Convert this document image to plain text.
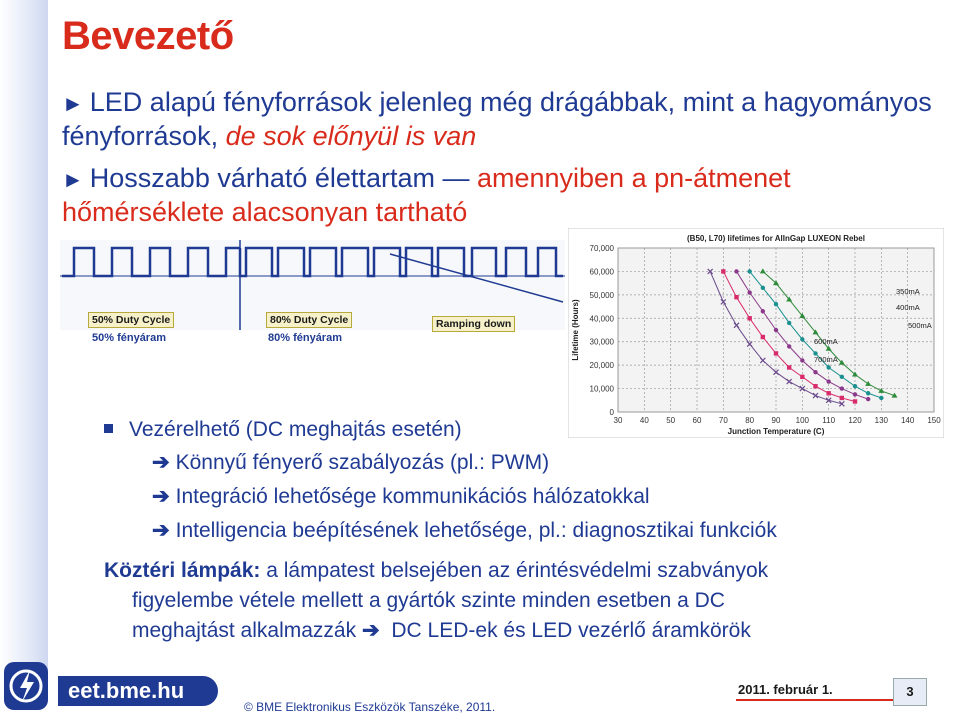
Bevezető
► LED alapú fényforrások jelenleg még drágábbak, mint a hagyományos fényforrások, de sok előnyül is van
► Hosszabb várható élettartam — amennyiben a pn-átmenet hőmérséklete alacsonyan tartható
50% Duty Cycle	80% Duty Cycle	Ramping down
50% fényáram	80% fényáram
30 40 50 60 70 80 90 100 110 120 130 140 150
0
10,000
20,000
30,000
40,000
50,000
60,000
70,000
(B50, L70) lifetimes for AlInGap LUXEON Rebel
Junction Temperature (C)
Lifetime (Hours)
350mA
400mA
500mA
600mA
700mA
Vezérelhető (DC meghajtás esetén)
➔ Könnyű fényerő szabályozás (pl.: PWM)
➔ Integráció lehetősége kommunikációs hálózatokkal
➔ Intelligencia beépítésének lehetősége, pl.: diagnosztikai funkciók
Köztéri lámpák: a lámpatest belsejében az érintésvédelmi szabványok
figyelembe vétele mellett a gyártók szinte minden esetben a DC
meghajtást alkalmazzák ➔ DC LED-ek és LED vezérlő áramkörök
eet.bme.hu
© BME Elektronikus Eszközök Tanszéke, 2011.
2011. február 1.	3
